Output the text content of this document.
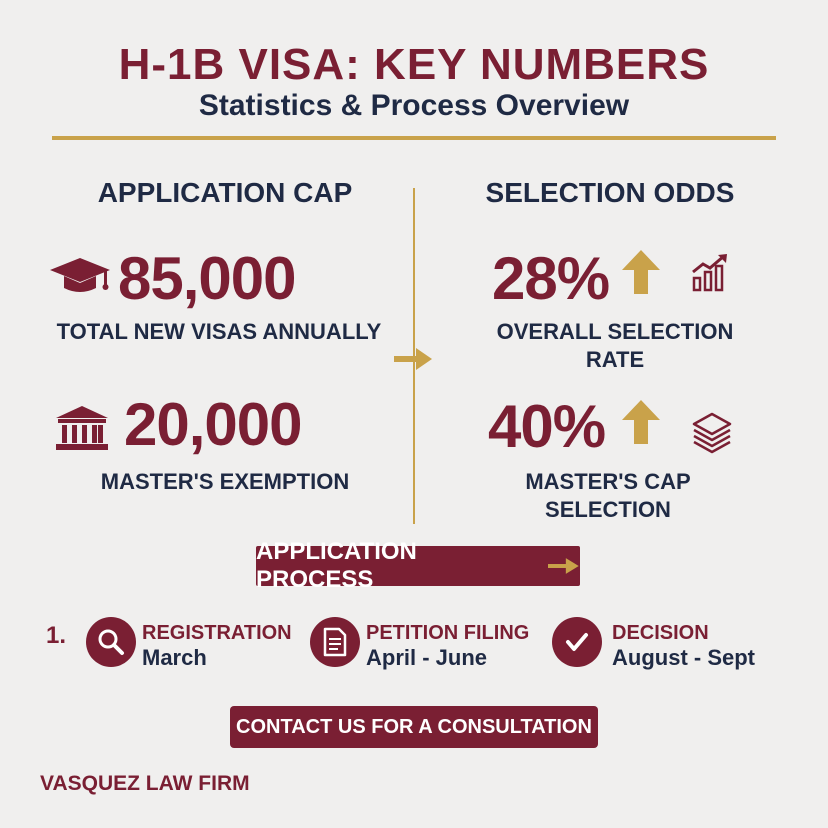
H-1B VISA: KEY NUMBERS
Statistics & Process Overview
APPLICATION CAP
85,000
TOTAL NEW VISAS ANNUALLY
20,000
MASTER'S EXEMPTION
SELECTION ODDS
28%
OVERALL SELECTION RATE
40%
MASTER'S CAP SELECTION
APPLICATION PROCESS
1.	REGISTRATION
March
PETITION FILING
April - June
DECISION
August - Sept
CONTACT US FOR A CONSULTATION
VASQUEZ LAW FIRM
